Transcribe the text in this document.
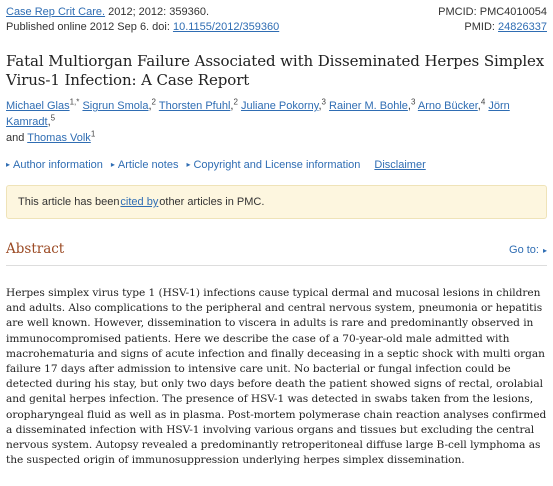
Case Rep Crit Care. 2012; 2012: 359360.	PMCID: PMC4010054
Published online 2012 Sep 6. doi: 10.1155/2012/359360	PMID: 24826337
Fatal Multiorgan Failure Associated with Disseminated Herpes Simplex Virus-1 Infection: A Case Report
Michael Glas$^{1,*}$ Sigrun Smola,$^2$ Thorsten Pfuhl,$^2$ Juliane Pokorny,$^3$ Rainer M. Bohle,$^3$ Arno Bücker,$^4$ Jörn Kamradt,$^5$
and Thomas Volk$^1$
▸ Author information ▸ Article notes ▸ Copyright and License information Disclaimer
This article has been
  cited by
  other articles in PMC.
Abstract	Go to: ▸

Herpes simplex virus type 1 (HSV-1) infections cause typical dermal and mucosal lesions in children and adults. Also complications to the peripheral and central nervous system, pneumonia or hepatitis are well known. However, dissemination to viscera in adults is rare and predominantly observed in immunocompromised patients. Here we describe the case of a 70-year-old male admitted with macrohematuria and signs of acute infection and finally deceasing in a septic shock with multi organ failure 17 days after admission to intensive care unit. No bacterial or fungal infection could be detected during his stay, but only two days before death the patient showed signs of rectal, orolabial and genital herpes infection. The presence of HSV-1 was detected in swabs taken from the lesions, oropharyngeal fluid as well as in plasma. Post-mortem polymerase chain reaction analyses confirmed a disseminated infection with HSV-1 involving various organs and tissues but excluding the central nervous system. Autopsy revealed a predominantly retroperitoneal diffuse large B-cell lymphoma as the suspected origin of immunosuppression underlying herpes simplex dissemination.
